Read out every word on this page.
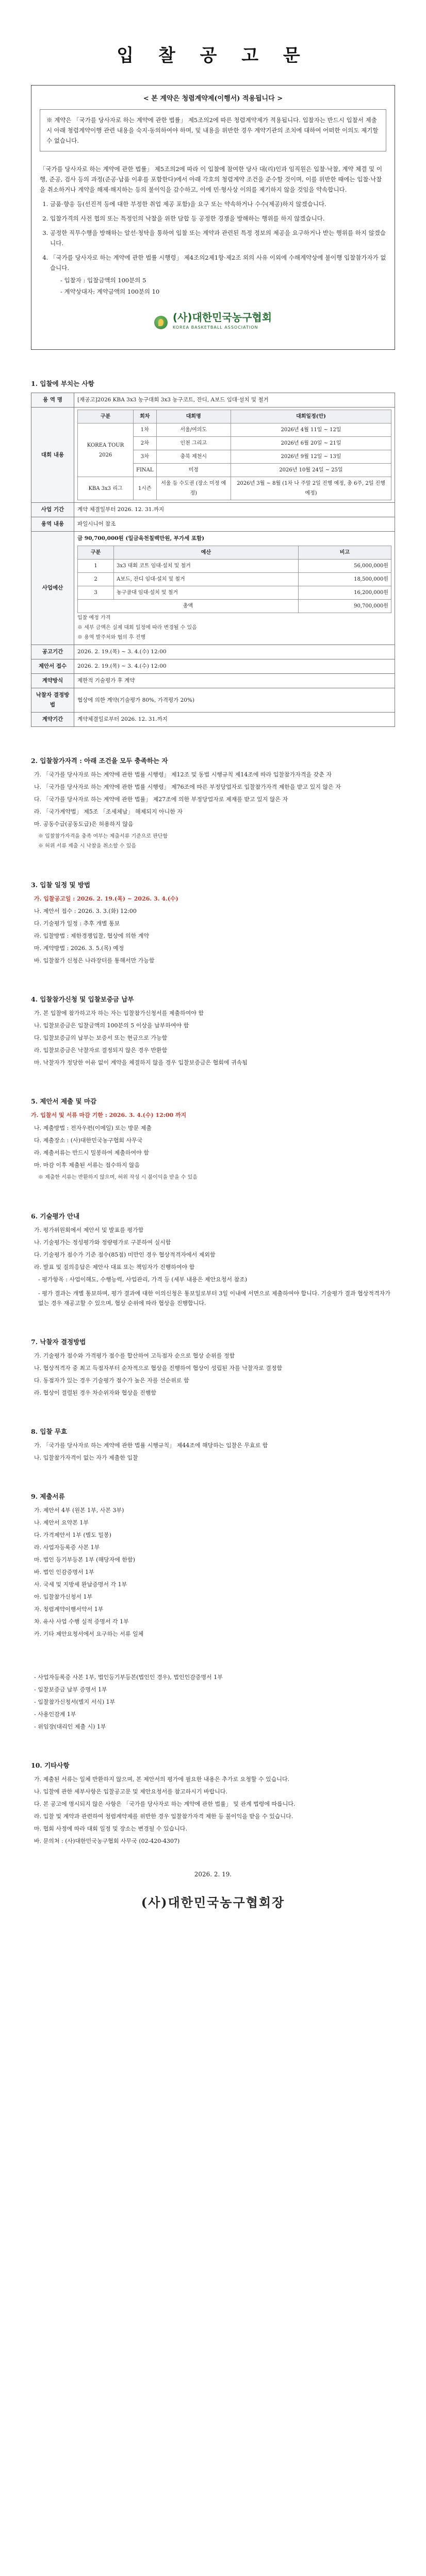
입 찰 공 고 문
< 본 계약은 청렴계약제(이행서) 적용됩니다 >
※ 계약은 「국가를 당사자로 하는 계약에 관한 법률」 제5조의2에 따른 청렴계약제가 적용됩니다. 입찰자는 반드시 입찰서 제출 시 아래 청렴계약이행 관련 내용을 숙지·동의하여야 하며, 및 내용을 위반한 경우 계약기관의 조치에 대하여 어떠한 이의도 제기할 수 없습니다.

「국가를 당사자로 하는 계약에 관한 법률」 제5조의2에 따라 이 입찰에 참여한 당사 대(리)인과 임직원은 입찰·낙찰, 계약 체결 및 이행, 준공, 검사 등의 과정(준공·납품 이후를 포함한다)에서 아래 각호의 청렴계약 조건을 준수할 것이며, 이를 위반한 때에는 입찰·낙찰을 취소하거나 계약을 해제·해지하는 등의 불이익을 감수하고, 이에 민·형사상 이의를 제기하지 않을 것임을 약속합니다.

1. 금품·향응 등(선진적 등에 대한 부정한 취업 제공 포함)을 요구 또는 약속하거나 수수(제공)하지 않겠습니다.
2. 입찰가격의 사전 협의 또는 특정인의 낙찰을 위한 담합 등 공정한 경쟁을 방해하는 행위를 하지 않겠습니다.
3. 공정한 직무수행을 방해하는 알선·청탁을 통하여 입찰 또는 계약과 관련된 특정 정보의 제공을 요구하거나 받는 행위를 하지 않겠습니다.
4. 「국가를 당사자로 하는 계약에 관한 법률 시행령」 제4조의2제1항·제2조 외의 사유 이외에 수해계약상에 불이행 입찰참가자가 없습니다.
- 입찰자 : 입찰금액의 100분의 5
- 계약상대자: 계약금액의 100분의 10
(사)대한민국농구협회
KOREA BASKETBALL ASSOCIATION
1. 입찰에 부치는 사항
용 역 명	[재공고]2026 KBA 3x3 농구대회 3x3 농구코트, 잔디, A보드 임대·설치 및 철거
대회 내용	
구분	회차	대회명	대회일정(안)
KOREA TOUR 2026	1차	서울/여의도	2026년 4월 11일 ~ 12일
2차	인천 그리고	2026년 6월 20일 ~ 21일
3차	충북 제천시	2026년 9월 12일 ~ 13일
FINAL	미정	2026년 10월 24일 ~ 25일
KBA 3x3 리그	1시즌	서울 등 수도권 (장소 미정 예정)	2026년 3월 ~ 8월 (1차 나 주말 2일 진행 예정, 총 6주, 2일 진행 예정)

사업 기간	계약 체결일부터 2026. 12. 31.까지
용역 내용	파일시니어 참조
사업예산	
금 90,700,000원 (일금육천칠백만원, 부가세 포함)
구분	예산	비고
1	3x3 대회 코트 임대·설치 및 철거	56,000,000원
2	A보드, 잔디 임대·설치 및 철거	18,500,000원
3	농구골대 임대·설치 및 철거	16,200,000원
총액	90,700,000원
입찰 예정 가격
※ 세부 금액은 실제 대회 일정에 따라 변경될 수 있음
※ 용역 발주처와 협의 후 진행

공고기간	2026. 2. 19.(목) ~ 3. 4.(수) 12:00
제안서 접수	2026. 2. 19.(목) ~ 3. 4.(수) 12:00
계약방식	제한적 기술평가 후 계약
낙찰자 결정방법	협상에 의한 계약(기술평가 80%, 가격평가 20%)
계약기간	계약체결일로부터 2026. 12. 31.까지
2. 입찰참가자격 : 아래 조건을 모두 충족하는 자
가. 「국가를 당사자로 하는 계약에 관한 법률 시행령」 제12조 및 동법 시행규칙 제14조에 따라 입찰참가자격을 갖춘 자
나. 「국가를 당사자로 하는 계약에 관한 법률 시행령」 제76조에 따른 부정당업자로 입찰참가자격 제한을 받고 있지 않은 자
다. 「국가를 당사자로 하는 계약에 관한 법률」 제27조에 의한 부정당업자로 제재를 받고 있지 않은 자
라. 「국가계약법」 제5조 「조세체납」 해제되지 아니한 자
마. 공동수급(공동도급)은 허용하지 않음
※ 입찰참가자격을 충족 여부는 제출서류 기준으로 판단함
※ 허위 서류 제출 시 낙찰을 취소할 수 있음
3. 입찰 일정 및 방법
가. 입찰공고일 : 2026. 2. 19.(목) ~ 2026. 3. 4.(수)
나. 제안서 접수 : 2026. 3. 3.(화) 12:00
다. 기술평가 일정 : 추후 개별 통보
라. 입찰방법 : 제한경쟁입찰, 협상에 의한 계약
마. 계약방법 : 2026. 3. 5.(목) 예정
바. 입찰참가 신청은 나라장터를 통해서만 가능함
4. 입찰참가신청 및 입찰보증금 납부
가. 본 입찰에 참가하고자 하는 자는 입찰참가신청서를 제출하여야 함
나. 입찰보증금은 입찰금액의 100분의 5 이상을 납부하여야 함
다. 입찰보증금의 납부는 보증서 또는 현금으로 가능함
라. 입찰보증금은 낙찰자로 결정되지 않은 경우 반환함
마. 낙찰자가 정당한 이유 없이 계약을 체결하지 않을 경우 입찰보증금은 협회에 귀속됨
5. 제안서 제출 및 마감
가. 입찰서 및 서류 마감 기한 : 2026. 3. 4.(수) 12:00 까지
나. 제출방법 : 전자우편(이메일) 또는 방문 제출
다. 제출장소 : (사)대한민국농구협회 사무국
라. 제출서류는 반드시 밀봉하여 제출하여야 함
마. 마감 이후 제출된 서류는 접수하지 않음
※ 제출한 서류는 반환하지 않으며, 허위 작성 시 불이익을 받을 수 있음
6. 기술평가 안내
가. 평가위원회에서 제안서 및 발표를 평가함
나. 기술평가는 정성평가와 정량평가로 구분하여 실시함
다. 기술평가 점수가 기준 점수(85점) 미만인 경우 협상적격자에서 제외함
라. 발표 및 질의응답은 제안사 대표 또는 책임자가 진행하여야 함

- 평가항목 : 사업이해도, 수행능력, 사업관리, 가격 등 (세부 내용은 제안요청서 참조)

- 평가 결과는 개별 통보하며, 평가 결과에 대한 이의신청은 통보일로부터 3일 이내에 서면으로 제출하여야 합니다. 기술평가 결과 협상적격자가 없는 경우 재공고할 수 있으며, 협상 순위에 따라 협상을 진행합니다.

7. 낙찰자 결정방법
가. 기술평가 점수와 가격평가 점수를 합산하여 고득점자 순으로 협상 순위를 정함
나. 협상적격자 중 최고 득점자부터 순차적으로 협상을 진행하여 협상이 성립된 자를 낙찰자로 결정함
다. 동점자가 있는 경우 기술평가 점수가 높은 자를 선순위로 함
라. 협상이 결렬된 경우 차순위자와 협상을 진행함
8. 입찰 무효
가. 「국가를 당사자로 하는 계약에 관한 법률 시행규칙」 제44조에 해당하는 입찰은 무효로 함
나. 입찰참가자격이 없는 자가 제출한 입찰
9. 제출서류
가. 제안서 4부 (원본 1부, 사본 3부)
나. 제안서 요약본 1부
다. 가격제안서 1부 (별도 밀봉)
라. 사업자등록증 사본 1부
마. 법인 등기부등본 1부 (해당자에 한함)
바. 법인 인감증명서 1부
사. 국세 및 지방세 완납증명서 각 1부
아. 입찰참가신청서 1부
자. 청렴계약이행서약서 1부
차. 유사 사업 수행 실적 증명서 각 1부
카. 기타 제안요청서에서 요구하는 서류 일체
- 사업자등록증 사본 1부, 법인등기부등본(법인인 경우), 법인인감증명서 1부
- 입찰보증금 납부 증명서 1부
- 입찰참가신청서(별지 서식) 1부
- 사용인감계 1부
- 위임장(대리인 제출 시) 1부
10. 기타사항
가. 제출된 서류는 일체 반환하지 않으며, 본 제안서의 평가에 필요한 내용은 추가로 요청할 수 있습니다.
나. 입찰에 관한 세부사항은 입찰공고문 및 제안요청서를 참고하시기 바랍니다.
다. 본 공고에 명시되지 않은 사항은 「국가를 당사자로 하는 계약에 관한 법률」 및 관계 법령에 따릅니다.
라. 입찰 및 계약과 관련하여 청렴계약제를 위반한 경우 입찰참가자격 제한 등 불이익을 받을 수 있습니다.
마. 협회 사정에 따라 대회 일정 및 장소는 변경될 수 있습니다.
바. 문의처 : (사)대한민국농구협회 사무국 (02-420-4307)
2026. 2. 19.
(사)대한민국농구협회장
